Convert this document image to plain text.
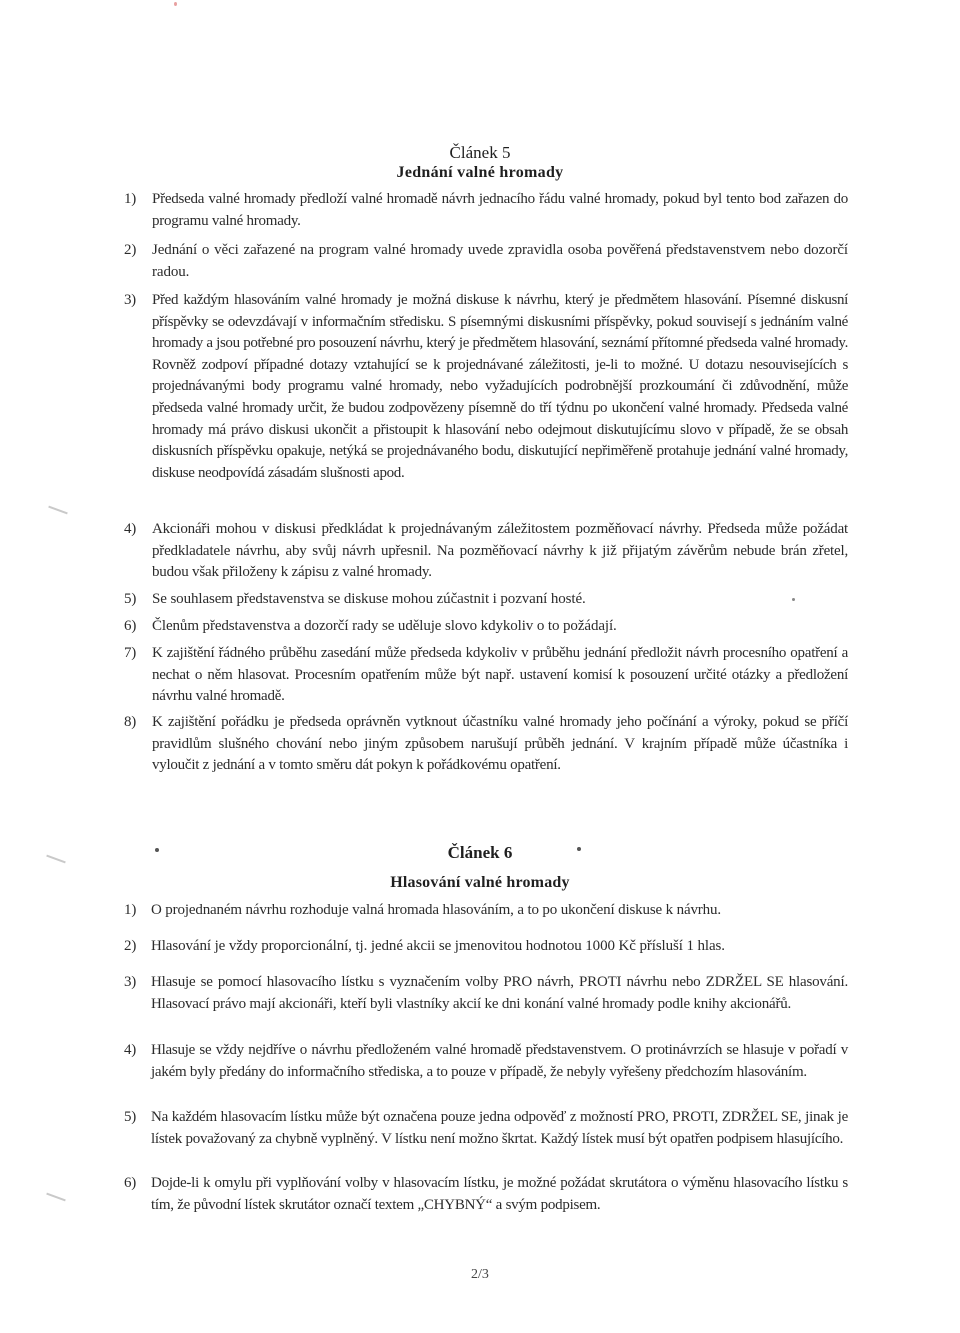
Článek 5
Jednání valné hromady
1)	Předseda valné hromady předloží valné hromadě návrh jednacího řádu valné hromady, pokud byl tento bod zařazen do programu valné hromady.
2)	Jednání o věci zařazené na program valné hromady uvede zpravidla osoba pověřená představenstvem nebo dozorčí radou.
3)	Před každým hlasováním valné hromady je možná diskuse k návrhu, který je předmětem hlasování. Písemné diskusní příspěvky se odevzdávají v informačním středisku. S písemnými diskusními příspěvky, pokud souvisejí s jednáním valné hromady a jsou potřebné pro posouzení návrhu, který je předmětem hlasování, seznámí přítomné předseda valné hromady. Rovněž zodpoví případné dotazy vztahující se k projednávané záležitosti, je-li to možné. U dotazu nesouvisejících s projednávanými body programu valné hromady, nebo vyžadujících podrobnější prozkoumání či zdůvodnění, může předseda valné hromady určit, že budou zodpovězeny písemně do tří týdnu po ukončení valné hromady. Předseda valné hromady má právo diskusi ukončit a přistoupit k hlasování nebo odejmout diskutujícímu slovo v případě, že se obsah diskusních příspěvku opakuje, netýká se projednávaného bodu, diskutující nepřiměřeně protahuje jednání valné hromady, diskuse neodpovídá zásadám slušnosti apod.
4)	Akcionáři mohou v diskusi předkládat k projednávaným záležitostem pozměňovací návrhy. Předseda může požádat předkladatele návrhu, aby svůj návrh upřesnil. Na pozměňovací návrhy k již přijatým závěrům nebude brán zřetel, budou však přiloženy k zápisu z valné hromady.
5)	Se souhlasem představenstva se diskuse mohou zúčastnit i pozvaní hosté.
6)	Členům představenstva a dozorčí rady se uděluje slovo kdykoliv o to požádají.
7)	K zajištění řádného průběhu zasedání může předseda kdykoliv v průběhu jednání předložit návrh procesního opatření a nechat o něm hlasovat. Procesním opatřením může být např. ustavení komisí k posouzení určité otázky a předložení návrhu valné hromadě.
8)	K zajištění pořádku je předseda oprávněn vytknout účastníku valné hromady jeho počínání a výroky, pokud se příčí pravidlům slušného chování nebo jiným způsobem narušují průběh jednání. V krajním případě může účastníka i vyloučit z jednání a v tomto směru dát pokyn k pořádkovému opatření.
Článek 6
Hlasování valné hromady
1) O projednaném návrhu rozhoduje valná hromada hlasováním, a to po ukončení diskuse k návrhu.
2) Hlasování je vždy proporcionální, tj. jedné akcii se jmenovitou hodnotou 1000 Kč přísluší 1 hlas.
3) Hlasuje se pomocí hlasovacího lístku s vyznačením volby PRO návrh, PROTI návrhu nebo ZDRŽEL SE hlasování. Hlasovací právo mají akcionáři, kteří byli vlastníky akcií ke dni konání valné hromady podle knihy akcionářů.
4)	Hlasuje se vždy nejdříve o návrhu předloženém valné hromadě představenstvem. O protinávrzích se hlasuje v pořadí v jakém byly předány do informačního střediska, a to pouze v případě, že nebyly vyřešeny předchozím hlasováním.
5)	Na každém hlasovacím lístku může být označena pouze jedna odpověď z možností PRO, PROTI, ZDRŽEL SE, jinak je lístek považovaný za chybně vyplněný. V lístku není možno škrtat. Každý lístek musí být opatřen podpisem hlasujícího.
6)	Dojde-li k omylu při vyplňování volby v hlasovacím lístku, je možné požádat skrutátora o výměnu hlasovacího lístku s tím, že původní lístek skrutátor označí textem „CHYBNÝ“ a svým podpisem.
2/3
